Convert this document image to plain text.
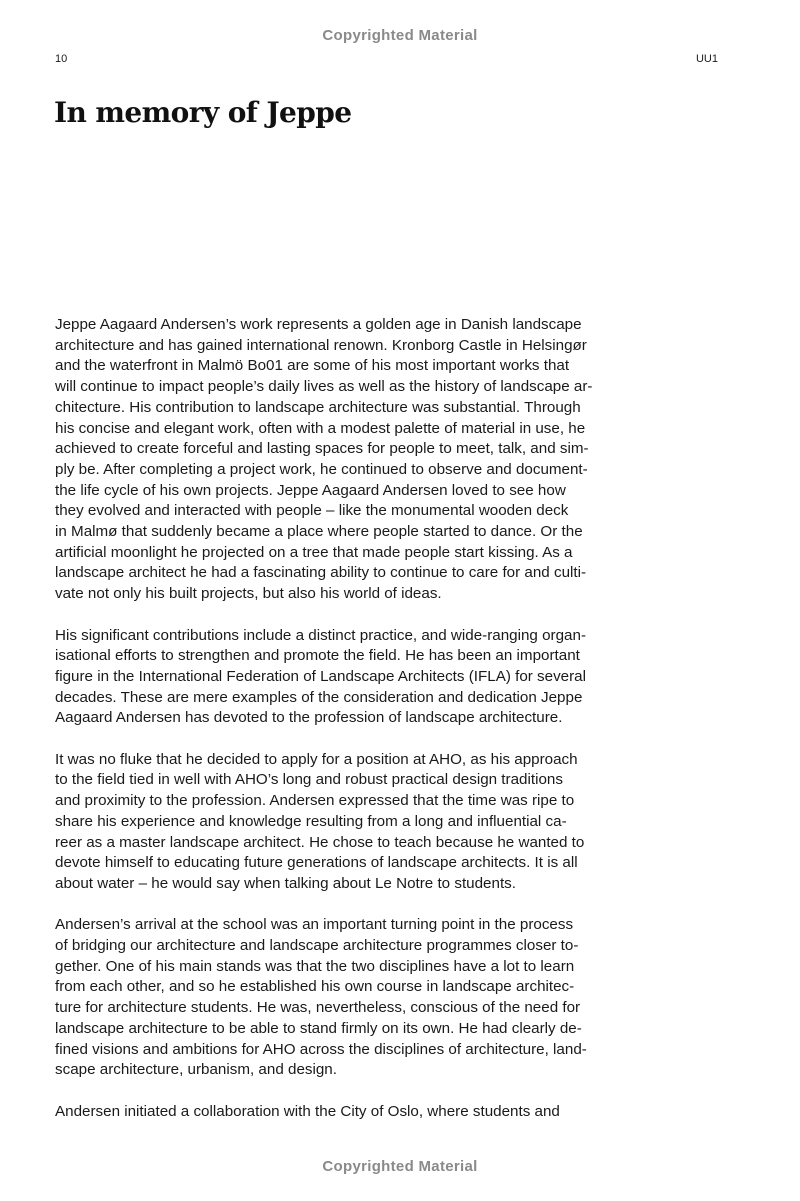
Copyrighted Material
10	UU1
In memory of Jeppe

Jeppe Aagaard Andersen’s work represents a golden age in Danish landscape
architecture and has gained international renown. Kronborg Castle in Helsingør
and the waterfront in Malmö Bo01 are some of his most important works that
will continue to impact people’s daily lives as well as the history of landscape ar-
chitecture. His contribution to landscape architecture was substantial. Through
his concise and elegant work, often with a modest palette of material in use, he
achieved to create forceful and lasting spaces for people to meet, talk, and sim-
ply be. After completing a project work, he continued to observe and document-
the life cycle of his own projects. Jeppe Aagaard Andersen loved to see how
they evolved and interacted with people – like the monumental wooden deck
in Malmø that suddenly became a place where people started to dance. Or the
artificial moonlight he projected on a tree that made people start kissing. As a
landscape architect he had a fascinating ability to continue to care for and culti-
vate not only his built projects, but also his world of ideas.

His significant contributions include a distinct practice, and wide-ranging organ-
isational efforts to strengthen and promote the field. He has been an important
figure in the International Federation of Landscape Architects (IFLA) for several
decades. These are mere examples of the consideration and dedication Jeppe
Aagaard Andersen has devoted to the profession of landscape architecture.

It was no fluke that he decided to apply for a position at AHO, as his approach
to the field tied in well with AHO’s long and robust practical design traditions
and proximity to the profession. Andersen expressed that the time was ripe to
share his experience and knowledge resulting from a long and influential ca-
reer as a master landscape architect. He chose to teach because he wanted to
devote himself to educating future generations of landscape architects. It is all
about water – he would say when talking about Le Notre to students.

Andersen’s arrival at the school was an important turning point in the process
of bridging our architecture and landscape architecture programmes closer to-
gether. One of his main stands was that the two disciplines have a lot to learn
from each other, and so he established his own course in landscape architec-
ture for architecture students. He was, nevertheless, conscious of the need for
landscape architecture to be able to stand firmly on its own. He had clearly de-
fined visions and ambitions for AHO across the disciplines of architecture, land-
scape architecture, urbanism, and design.

Andersen initiated a collaboration with the City of Oslo, where students and

Copyrighted Material
